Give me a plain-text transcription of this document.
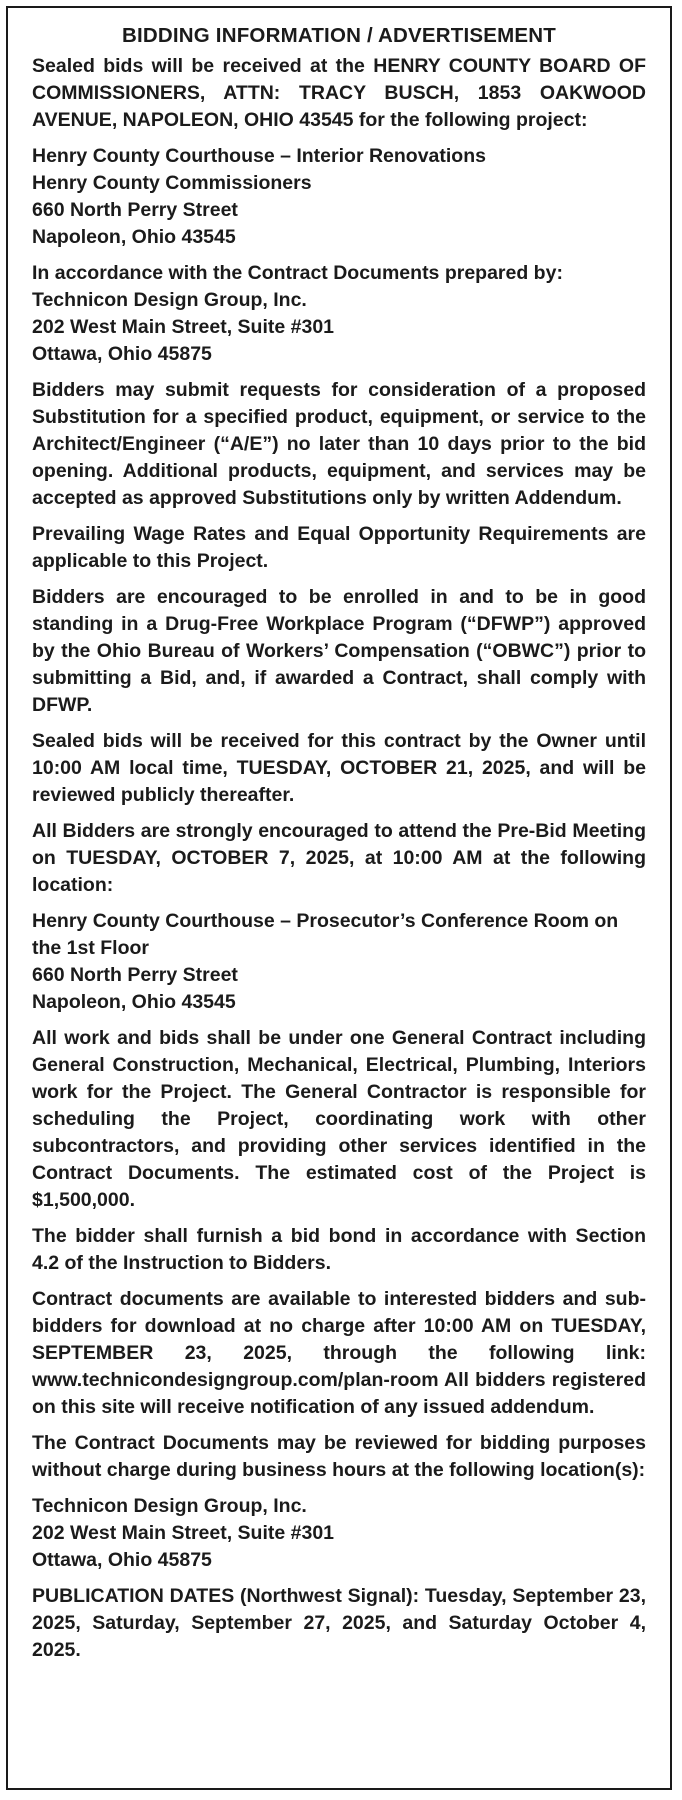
BIDDING INFORMATION / ADVERTISEMENT
Sealed bids will be received at the HENRY COUNTY BOARD OF COMMISSIONERS, ATTN: TRACY BUSCH, 1853 OAKWOOD AVENUE, NAPOLEON, OHIO 43545 for the following project:
Henry County Courthouse – Interior Renovations
Henry County Commissioners
660 North Perry Street
Napoleon, Ohio 43545
In accordance with the Contract Documents prepared by:
Technicon Design Group, Inc.
202 West Main Street, Suite #301
Ottawa, Ohio 45875
Bidders may submit requests for consideration of a proposed Substitution for a specified product, equipment, or service to the Architect/Engineer (“A/E”) no later than 10 days prior to the bid opening. Additional products, equipment, and services may be accepted as approved Substitutions only by written Addendum.
Prevailing Wage Rates and Equal Opportunity Requirements are applicable to this Project.
Bidders are encouraged to be enrolled in and to be in good standing in a Drug-Free Workplace Program (“DFWP”) approved by the Ohio Bureau of Workers’ Compensation (“OBWC”) prior to submitting a Bid, and, if awarded a Contract, shall comply with DFWP.
Sealed bids will be received for this contract by the Owner until 10:00 AM local time, TUESDAY, OCTOBER 21, 2025, and will be reviewed publicly thereafter.
All Bidders are strongly encouraged to attend the Pre-Bid Meeting on TUESDAY, OCTOBER 7, 2025, at 10:00 AM at the following location:
Henry County Courthouse – Prosecutor’s Conference Room on the 1st Floor
660 North Perry Street
Napoleon, Ohio 43545
All work and bids shall be under one General Contract including General Construction, Mechanical, Electrical, Plumbing, Interiors work for the Project. The General Contractor is responsible for scheduling the Project, coordinating work with other subcontractors, and providing other services identified in the Contract Documents. The estimated cost of the Project is $1,500,000.
The bidder shall furnish a bid bond in accordance with Section 4.2 of the Instruction to Bidders.
Contract documents are available to interested bidders and sub-bidders for download at no charge after 10:00 AM on TUESDAY, SEPTEMBER 23, 2025, through the following link: www.technicondesigngroup.com/plan-room All bidders registered on this site will receive notification of any issued addendum.
The Contract Documents may be reviewed for bidding purposes without charge during business hours at the following location(s):
Technicon Design Group, Inc.
202 West Main Street, Suite #301
Ottawa, Ohio 45875
PUBLICATION DATES (Northwest Signal): Tuesday, September 23, 2025, Saturday, September 27, 2025, and Saturday October 4, 2025.
